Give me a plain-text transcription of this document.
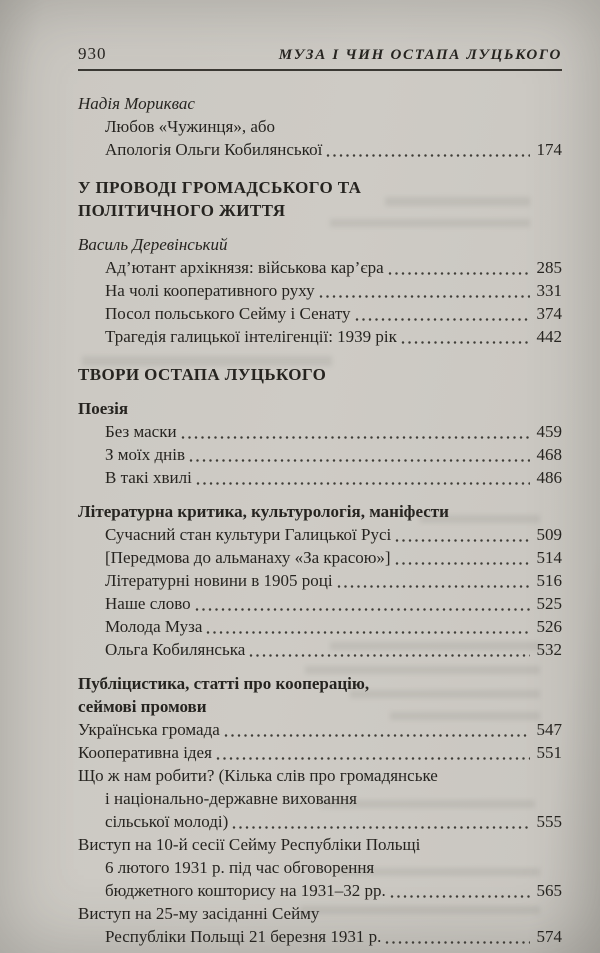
930	МУЗА І ЧИН ОСТАПА ЛУЦЬКОГО
Надія Мориквас
Любов «Чужинця», або
Апологія Ольги Кобилянської	174
У ПРОВОДІ ГРОМАДСЬКОГО ТА
ПОЛІТИЧНОГО ЖИТТЯ
Василь Деревінський
Ад’ютант архікнязя: військова кар’єра	285
На чолі кооперативного руху	331
Посол польського Сейму і Сенату	374
Трагедія галицької інтелігенції: 1939 рік	442
ТВОРИ ОСТАПА ЛУЦЬКОГО
Поезія
Без маски	459
З моїх днів	468
В такі хвилі	486
Літературна критика, культурологія, маніфести
Сучасний стан культури Галицької Русі	509
[Передмова до альманаху «За красою»]	514
Літературні новини в 1905 році	516
Наше слово	525
Молода Муза	526
Ольга Кобилянська	532
Публіцистика, статті про кооперацію,
сеймові промови
Українська громада	547
Кооперативна ідея	551
Що ж нам робити? (Кілька слів про громадянське
і національно-державне виховання
сільської молоді)	555
Виступ на 10-й сесії Сейму Республіки Польщі
6 лютого 1931 р. під час обговорення
бюджетного кошторису на 1931–32 рр.	565
Виступ на 25-му засіданні Сейму
Республіки Польщі 21 березня 1931 р.	574
